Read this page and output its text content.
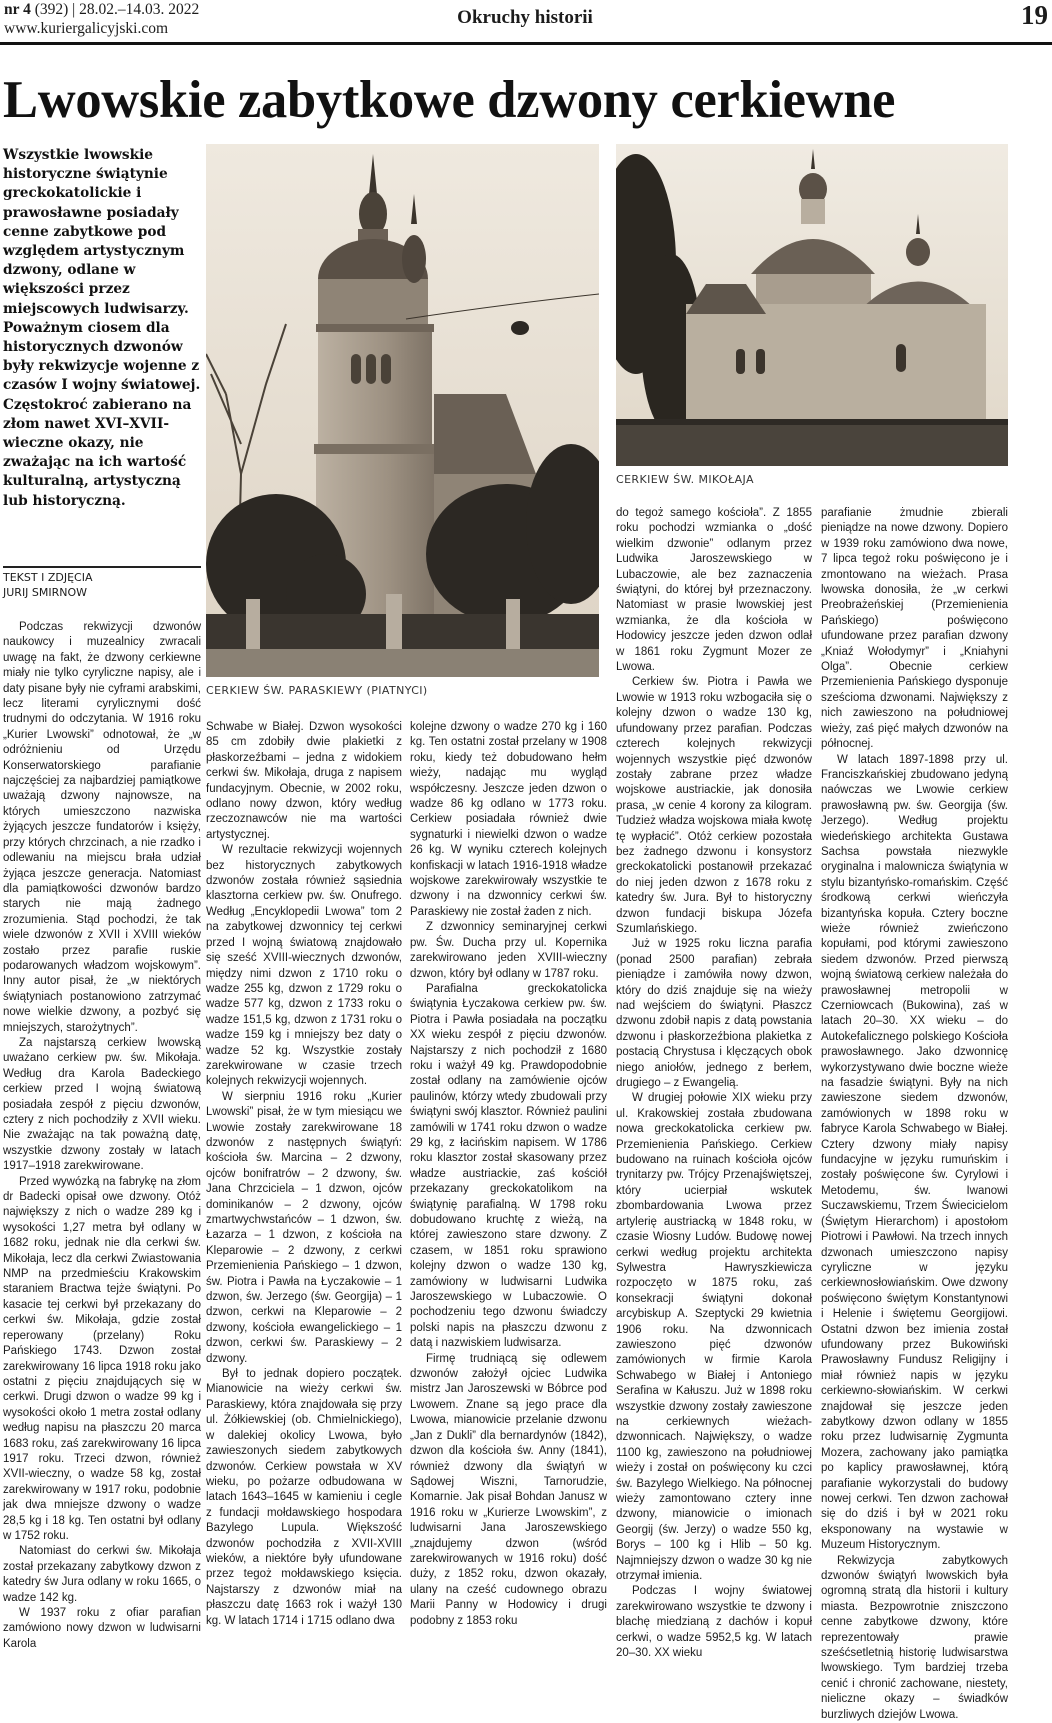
nr 4 (392) | 28.02.–14.03. 2022
www.kuriergalicyjski.com
Okruchy historii	19
Lwowskie zabytkowe dzwony cerkiewne

Wszystkie lwowskie historyczne świątynie greckokatolickie i prawosławne posiadały cenne zabytkowe pod względem artystycznym dzwony, odlane w większości przez miejscowych ludwisarzy. Poważnym ciosem dla historycznych dzwonów były rekwizycje wojenne z czasów I wojny światowej. Częstokroć zabierano na złom nawet XVI–XVII-wieczne okazy, nie zważając na ich wartość kulturalną, artystyczną lub historyczną.

TEKST I ZDJĘCIA
JURIJ SMIRNOW
CERKIEW ŚW. PARASKIEWY (PIATNYCI)
CERKIEW ŚW. MIKOŁAJA

Podczas rekwizycji dzwonów naukowcy i muzealnicy zwracali uwagę na fakt, że dzwony cerkiewne miały nie tylko cyryliczne napisy, ale i daty pisane były nie cyframi arabskimi, lecz literami cyrylicznymi dość trudnymi do odczytania. W 1916 roku „Kurier Lwowski” odnotował, że „w odróżnieniu od Urzędu Konserwatorskiego parafianie najczęściej za najbardziej pamiątkowe uważają dzwony najnowsze, na których umieszczono nazwiska żyjących jeszcze fundatorów i księży, przy których chrzcinach, a nie rzadko i odlewaniu na miejscu brała udział żyjąca jeszcze generacja. Natomiast dla pamiątkowości dzwonów bardzo starych nie mają żadnego zrozumienia. Stąd pochodzi, że tak wiele dzwonów z XVII i XVIII wieków zostało przez parafie ruskie podarowanych władzom wojskowym”. Inny autor pisał, że „w niektórych świątyniach postanowiono zatrzymać nowe wielkie dzwony, a pozbyć się mniejszych, starożytnych”.

Za najstarszą cerkiew lwowską uważano cerkiew pw. św. Mikołaja. Według dra Karola Badeckiego cerkiew przed I wojną światową posiadała zespół z pięciu dzwonów, cztery z nich pochodziły z XVII wieku. Nie zważając na tak poważną datę, wszystkie dzwony zostały w latach 1917–1918 zarekwirowane.

Przed wywózką na fabrykę na złom dr Badecki opisał owe dzwony. Otóż największy z nich o wadze 289 kg i wysokości 1,27 metra był odlany w 1682 roku, jednak nie dla cerkwi św. Mikołaja, lecz dla cerkwi Zwiastowania NMP na przedmieściu Krakowskim staraniem Bractwa tejże świątyni. Po kasacie tej cerkwi był przekazany do cerkwi św. Mikołaja, gdzie został reperowany (przelany) Roku Pańskiego 1743. Dzwon został zarekwirowany 16 lipca 1918 roku jako ostatni z pięciu znajdujących się w cerkwi. Drugi dzwon o wadze 99 kg i wysokości około 1 metra został odlany według napisu na płaszczu 20 marca 1683 roku, zaś zarekwirowany 16 lipca 1917 roku. Trzeci dzwon, również XVII-wieczny, o wadze 58 kg, został zarekwirowany w 1917 roku, podobnie jak dwa mniejsze dzwony o wadze 28,5 kg i 18 kg. Ten ostatni był odlany w 1752 roku.

Natomiast do cerkwi św. Mikołaja został przekazany zabytkowy dzwon z katedry św Jura odlany w roku 1665, o wadze 142 kg.

W 1937 roku z ofiar parafian zamówiono nowy dzwon w ludwisarni Karola

Schwabe w Białej. Dzwon wysokości 85 cm zdobiły dwie plakietki z płaskorzeźbami – jedna z widokiem cerkwi św. Mikołaja, druga z napisem fundacyjnym. Obecnie, w 2002 roku, odlano nowy dzwon, który według rzeczoznawców nie ma wartości artystycznej.

W rezultacie rekwizycji wojennych bez historycznych zabytkowych dzwonów została również sąsiednia klasztorna cerkiew pw. św. Onufrego. Według „Encyklopedii Lwowa” tom 2 na zabytkowej dzwonnicy tej cerkwi przed I wojną światową znajdowało się sześć XVIII-wiecznych dzwonów, między nimi dzwon z 1710 roku o wadze 255 kg, dzwon z 1729 roku o wadze 577 kg, dzwon z 1733 roku o wadze 151,5 kg, dzwon z 1731 roku o wadze 159 kg i mniejszy bez daty o wadze 52 kg. Wszystkie zostały zarekwirowane w czasie trzech kolejnych rekwizycji wojennych.

W sierpniu 1916 roku „Kurier Lwowski” pisał, że w tym miesiącu we Lwowie zostały zarekwirowane 18 dzwonów z następnych świątyń: kościoła św. Marcina – 2 dzwony, ojców bonifratrów – 2 dzwony, św. Jana Chrzciciela – 1 dzwon, ojców dominikanów – 2 dzwony, ojców zmartwychwstańców – 1 dzwon, św. Łazarza – 1 dzwon, z kościoła na Kleparowie – 2 dzwony, z cerkwi Przemienienia Pańskiego – 1 dzwon, św. Piotra i Pawła na Łyczakowie – 1 dzwon, św. Jerzego (św. Georgija) – 1 dzwon, cerkwi na Kleparowie – 2 dzwony, kościoła ewangelickiego – 1 dzwon, cerkwi św. Paraskiewy – 2 dzwony.

Był to jednak dopiero początek. Mianowicie na wieży cerkwi św. Paraskiewy, która znajdowała się przy ul. Żółkiewskiej (ob. Chmielnickiego), w dalekiej okolicy Lwowa, było zawieszonych siedem zabytkowych dzwonów. Cerkiew powstała w XV wieku, po pożarze odbudowana w latach 1643–1645 w kamieniu i cegle z fundacji mołdawskiego hospodara Bazylego Lupula. Większość dzwonów pochodziła z XVII-XVIII wieków, a niektóre były ufundowane przez tegoż mołdawskiego księcia. Najstarszy z dzwonów miał na płaszczu datę 1663 rok i ważył 130 kg. W latach 1714 i 1715 odlano dwa

kolejne dzwony o wadze 270 kg i 160 kg. Ten ostatni został przelany w 1908 roku, kiedy też dobudowano hełm wieży, nadając mu wygląd współczesny. Jeszcze jeden dzwon o wadze 86 kg odlano w 1773 roku. Cerkiew posiadała również dwie sygnaturki i niewielki dzwon o wadze 26 kg. W wyniku czterech kolejnych konfiskacji w latach 1916-1918 władze wojskowe zarekwirowały wszystkie te dzwony i na dzwonnicy cerkwi św. Paraskiewy nie został żaden z nich.

Z dzwonnicy seminaryjnej cerkwi pw. Św. Ducha przy ul. Kopernika zarekwirowano jeden XVIII-wieczny dzwon, który był odlany w 1787 roku.

Parafialna greckokatolicka świątynia Łyczakowa cerkiew pw. św. Piotra i Pawła posiadała na początku XX wieku zespół z pięciu dzwonów. Najstarszy z nich pochodził z 1680 roku i ważył 49 kg. Prawdopodobnie został odlany na zamówienie ojców paulinów, którzy wtedy zbudowali przy świątyni swój klasztor. Również paulini zamówili w 1741 roku dzwon o wadze 29 kg, z łacińskim napisem. W 1786 roku klasztor został skasowany przez władze austriackie, zaś kościół przekazany greckokatolikom na świątynię parafialną. W 1798 roku dobudowano kruchtę z wieżą, na której zawieszono stare dzwony. Z czasem, w 1851 roku sprawiono kolejny dzwon o wadze 130 kg, zamówiony w ludwisarni Ludwika Jaroszewskiego w Lubaczowie. O pochodzeniu tego dzwonu świadczy polski napis na płaszczu dzwonu z datą i nazwiskiem ludwisarza.

Firmę trudniącą się odlewem dzwonów założył ojciec Ludwika mistrz Jan Jaroszewski w Bóbrce pod Lwowem. Znane są jego prace dla Lwowa, mianowicie przelanie dzwonu „Jan z Dukli” dla bernardynów (1842), dzwon dla kościoła św. Anny (1841), również dzwony dla świątyń w Sądowej Wiszni, Tarnorudzie, Komarnie. Jak pisał Bohdan Janusz w 1916 roku w „Kurierze Lwowskim”, z ludwisarni Jana Jaroszewskiego „znajdujemy dzwon (wśród zarekwirowanych w 1916 roku) dość duży, z 1852 roku, dzwon okazały, ulany na cześć cudownego obrazu Marii Panny w Hodowicy i drugi podobny z 1853 roku

do tegoż samego kościoła”. Z 1855 roku pochodzi wzmianka o „dość wielkim dzwonie” odlanym przez Ludwika Jaroszewskiego w Lubaczowie, ale bez zaznaczenia świątyni, do której był przeznaczony. Natomiast w prasie lwowskiej jest wzmianka, że dla kościoła w Hodowicy jeszcze jeden dzwon odlał w 1861 roku Zygmunt Mozer ze Lwowa.

Cerkiew św. Piotra i Pawła we Lwowie w 1913 roku wzbogaciła się o kolejny dzwon o wadze 130 kg, ufundowany przez parafian. Podczas czterech kolejnych rekwizycji wojennych wszystkie pięć dzwonów zostały zabrane przez władze wojskowe austriackie, jak donosiła prasa, „w cenie 4 korony za kilogram. Tudzież władza wojskowa miała kwotę tę wypłacić”. Otóż cerkiew pozostała bez żadnego dzwonu i konsystorz greckokatolicki postanowił przekazać do niej jeden dzwon z 1678 roku z katedry św. Jura. Był to historyczny dzwon fundacji biskupa Józefa Szumlańskiego.

Już w 1925 roku liczna parafia (ponad 2500 parafian) zebrała pieniądze i zamówiła nowy dzwon, który do dziś znajduje się na wieży nad wejściem do świątyni. Płaszcz dzwonu zdobił napis z datą powstania dzwonu i płaskorzeźbiona plakietka z postacią Chrystusa i klęczących obok niego aniołów, jednego z berłem, drugiego – z Ewangelią.

W drugiej połowie XIX wieku przy ul. Krakowskiej została zbudowana nowa greckokatolicka cerkiew pw. Przemienienia Pańskiego. Cerkiew budowano na ruinach kościoła ojców trynitarzy pw. Trójcy Przenajświętszej, który ucierpiał wskutek zbombardowania Lwowa przez artylerię austriacką w 1848 roku, w czasie Wiosny Ludów. Budowę nowej cerkwi według projektu architekta Sylwestra Hawryszkiewicza rozpoczęto w 1875 roku, zaś konsekracji świątyni dokonał arcybiskup A. Szeptycki 29 kwietnia 1906 roku. Na dzwonnicach zawieszono pięć dzwonów zamówionych w firmie Karola Schwabego w Białej i Antoniego Serafina w Kałuszu. Już w 1898 roku wszystkie dzwony zostały zawieszone na cerkiewnych wieżach-dzwonnicach. Największy, o wadze 1100 kg, zawieszono na południowej wieży i został on poświęcony ku czci św. Bazylego Wielkiego. Na północnej wieży zamontowano cztery inne dzwony, mianowicie o imionach Georgij (św. Jerzy) o wadze 550 kg, Borys – 100 kg i Hlib – 50 kg. Najmniejszy dzwon o wadze 30 kg nie otrzymał imienia.

Podczas I wojny światowej zarekwirowano wszystkie te dzwony i blachę miedzianą z dachów i kopuł cerkwi, o wadze 5952,5 kg. W latach 20–30. XX wieku

parafianie żmudnie zbierali pieniądze na nowe dzwony. Dopiero w 1939 roku zamówiono dwa nowe, 7 lipca tegoż roku poświęcono je i zmontowano na wieżach. Prasa lwowska donosiła, że „w cerkwi Preobrażeńskiej (Przemienienia Pańskiego) poświęcono ufundowane przez parafian dzwony „Kniaź Wołodymyr” i „Kniahyni Olga”. Obecnie cerkiew Przemienienia Pańskiego dysponuje sześcioma dzwonami. Największy z nich zawieszono na południowej wieży, zaś pięć małych dzwonów na północnej.

W latach 1897-1898 przy ul. Franciszkańskiej zbudowano jedyną naówczas we Lwowie cerkiew prawosławną pw. św. Georgija (św. Jerzego). Według projektu wiedeńskiego architekta Gustawa Sachsa powstała niezwykle oryginalna i malownicza świątynia w stylu bizantyńsko-romańskim. Część środkową cerkwi wieńczyła bizantyńska kopuła. Cztery boczne wieże również zwieńczono kopułami, pod którymi zawieszono siedem dzwonów. Przed pierwszą wojną światową cerkiew należała do prawosławnej metropolii w Czerniowcach (Bukowina), zaś w latach 20–30. XX wieku – do Autokefalicznego polskiego Kościoła prawosławnego. Jako dzwonnicę wykorzystywano dwie boczne wieże na fasadzie świątyni. Były na nich zawieszone siedem dzwonów, zamówionych w 1898 roku w fabryce Karola Schwabego w Białej. Cztery dzwony miały napisy fundacyjne w języku rumuńskim i zostały poświęcone św. Cyrylowi i Metodemu, św. Iwanowi Suczawskiemu, Trzem Świecicielom (Świętym Hierarchom) i apostołom Piotrowi i Pawłowi. Na trzech innych dzwonach umieszczono napisy cyryliczne w języku cerkiewnosłowiańskim. Owe dzwony poświęcono świętym Konstantynowi i Helenie i świętemu Georgijowi. Ostatni dzwon bez imienia został ufundowany przez Bukowiński Prawosławny Fundusz Religijny i miał również napis w języku cerkiewno-słowiańskim. W cerkwi znajdował się jeszcze jeden zabytkowy dzwon odlany w 1855 roku przez ludwisarnię Zygmunta Mozera, zachowany jako pamiątka po kaplicy prawosławnej, którą parafianie wykorzystali do budowy nowej cerkwi. Ten dzwon zachował się do dziś i był w 2021 roku eksponowany na wystawie w Muzeum Historycznym.

Rekwizycja zabytkowych dzwonów świątyń lwowskich była ogromną stratą dla historii i kultury miasta. Bezpowrotnie zniszczono cenne zabytkowe dzwony, które reprezentowały prawie sześćsetletnią historię ludwisarstwa lwowskiego. Tym bardziej trzeba cenić i chronić zachowane, niestety, nieliczne okazy – świadków burzliwych dziejów Lwowa.
